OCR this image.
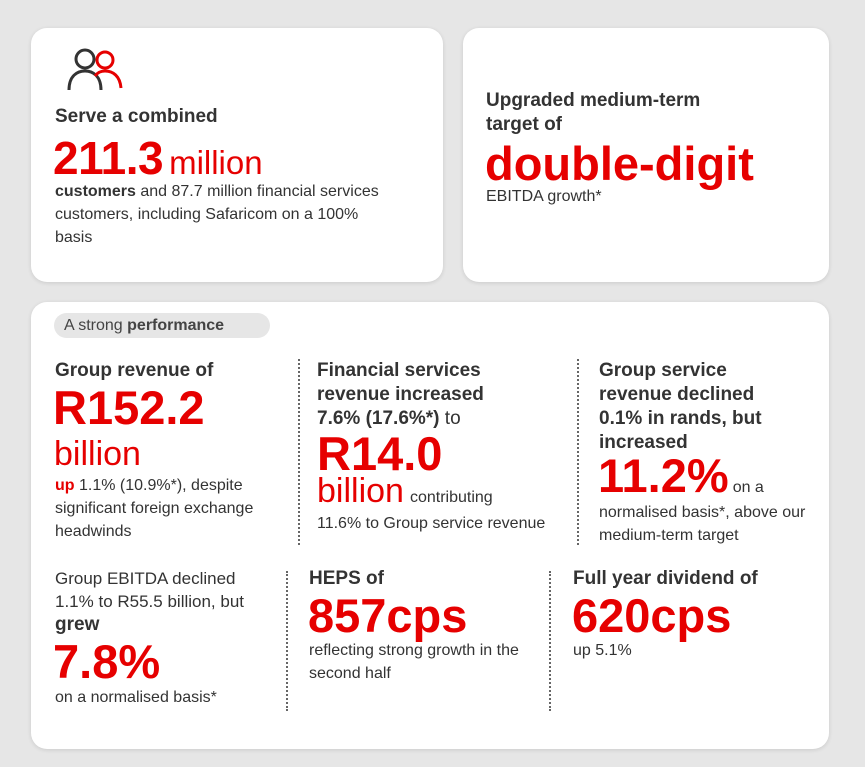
Serve a combined
211.3 million
customers and 87.7 million financial services customers, including Safaricom on a 100% basis
Upgraded medium-term target of
double-digit
EBITDA growth*
A strong performance
Group revenue of
R152.2
billion
up 1.1% (10.9%*), despite significant foreign exchange headwinds
Financial services revenue increased
7.6% (17.6%*) to
R14.0
billion contributing
11.6% to Group service revenue
Group service revenue declined 0.1% in rands, but increased
11.2% on a
normalised basis*, above our medium-term target
Group EBITDA declined 1.1% to R55.5 billion, but grew
7.8%
on a normalised basis*
HEPS of
857cps
reflecting strong growth in the second half
Full year dividend of
620cps
up 5.1%
